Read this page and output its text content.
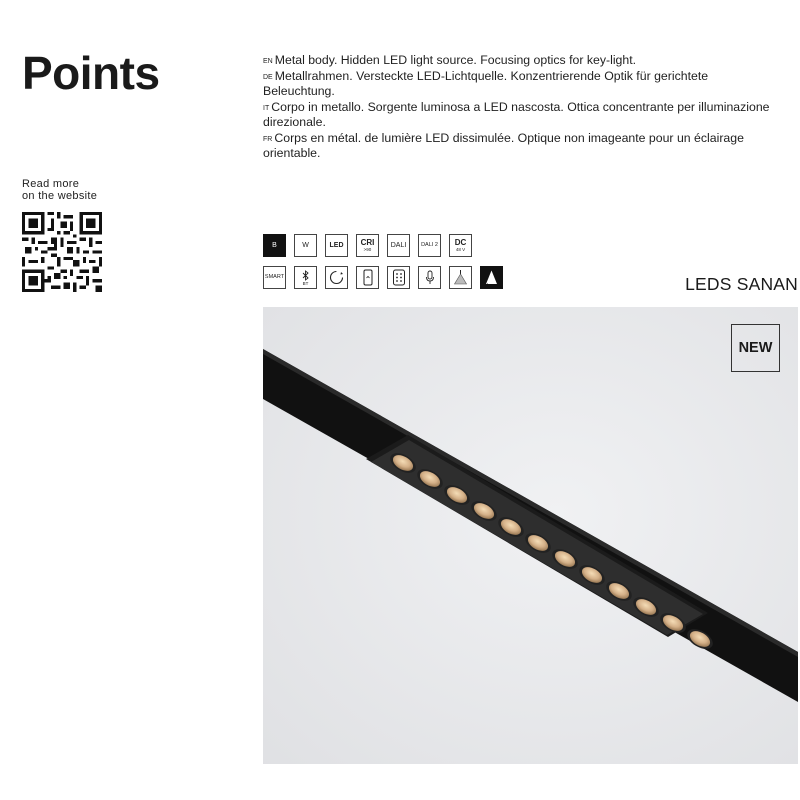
Points	$^{EN}$ Metal body. Hidden LED light source. Focusing optics for key-light.

$^{DE}$ Metallrahmen. Versteckte LED-Lichtquelle. Konzentrierende Optik für gerichtete Beleuchtung.

$^{IT}$ Corpo in metallo. Sorgente luminosa a LED nascosta. Ottica concentrante per illuminazione direzionale.

$^{FR}$ Corps en métal. de lumière LED dissimulée. Optique non imageante pour un éclairage orientable.

Read more
on the website
B	W	LED CRI
>90
DALI	DALI 2 DC
48 V
SMART
BT	H	LEDS SANAN
NEW
